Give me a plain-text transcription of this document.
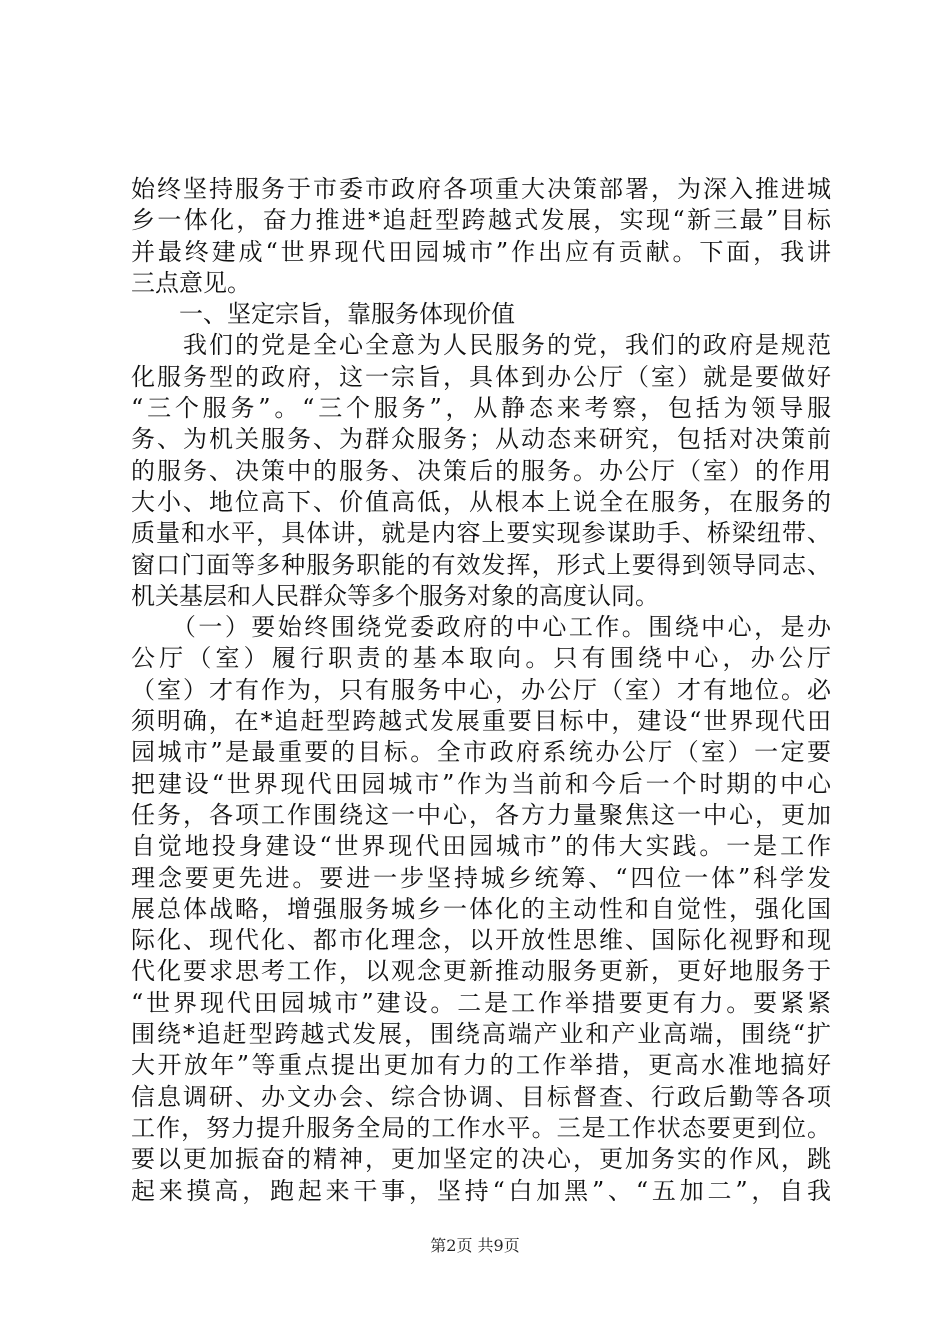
始终坚持服务于市委市政府各项重大决策部署，为深入推进城
乡一体化，奋力推进*追赶型跨越式发展，实现“新三最”目标
并最终建成“世界现代田园城市”作出应有贡献。下面，我讲
三点意见。
　　一、坚定宗旨，靠服务体现价值
　　我们的党是全心全意为人民服务的党，我们的政府是规范
化服务型的政府，这一宗旨，具体到办公厅（室）就是要做好
“三个服务”。“三个服务”，从静态来考察，包括为领导服
务、为机关服务、为群众服务；从动态来研究，包括对决策前
的服务、决策中的服务、决策后的服务。办公厅（室）的作用
大小、地位高下、价值高低，从根本上说全在服务，在服务的
质量和水平，具体讲，就是内容上要实现参谋助手、桥梁纽带、
窗口门面等多种服务职能的有效发挥，形式上要得到领导同志、
机关基层和人民群众等多个服务对象的高度认同。
　　（一）要始终围绕党委政府的中心工作。围绕中心，是办
公厅（室）履行职责的基本取向。只有围绕中心，办公厅
（室）才有作为，只有服务中心，办公厅（室）才有地位。必
须明确，在*追赶型跨越式发展重要目标中，建设“世界现代田
园城市”是最重要的目标。全市政府系统办公厅（室）一定要
把建设“世界现代田园城市”作为当前和今后一个时期的中心
任务，各项工作围绕这一中心，各方力量聚焦这一中心，更加
自觉地投身建设“世界现代田园城市”的伟大实践。一是工作
理念要更先进。要进一步坚持城乡统筹、“四位一体”科学发
展总体战略，增强服务城乡一体化的主动性和自觉性，强化国
际化、现代化、都市化理念，以开放性思维、国际化视野和现
代化要求思考工作，以观念更新推动服务更新，更好地服务于
“世界现代田园城市”建设。二是工作举措要更有力。要紧紧
围绕*追赶型跨越式发展，围绕高端产业和产业高端，围绕“扩
大开放年”等重点提出更加有力的工作举措，更高水准地搞好
信息调研、办文办会、综合协调、目标督查、行政后勤等各项
工作，努力提升服务全局的工作水平。三是工作状态要更到位。
要以更加振奋的精神，更加坚定的决心，更加务实的作风，跳
起来摸高，跑起来干事，坚持“白加黑”、“五加二”，自我
第2页 共9页
